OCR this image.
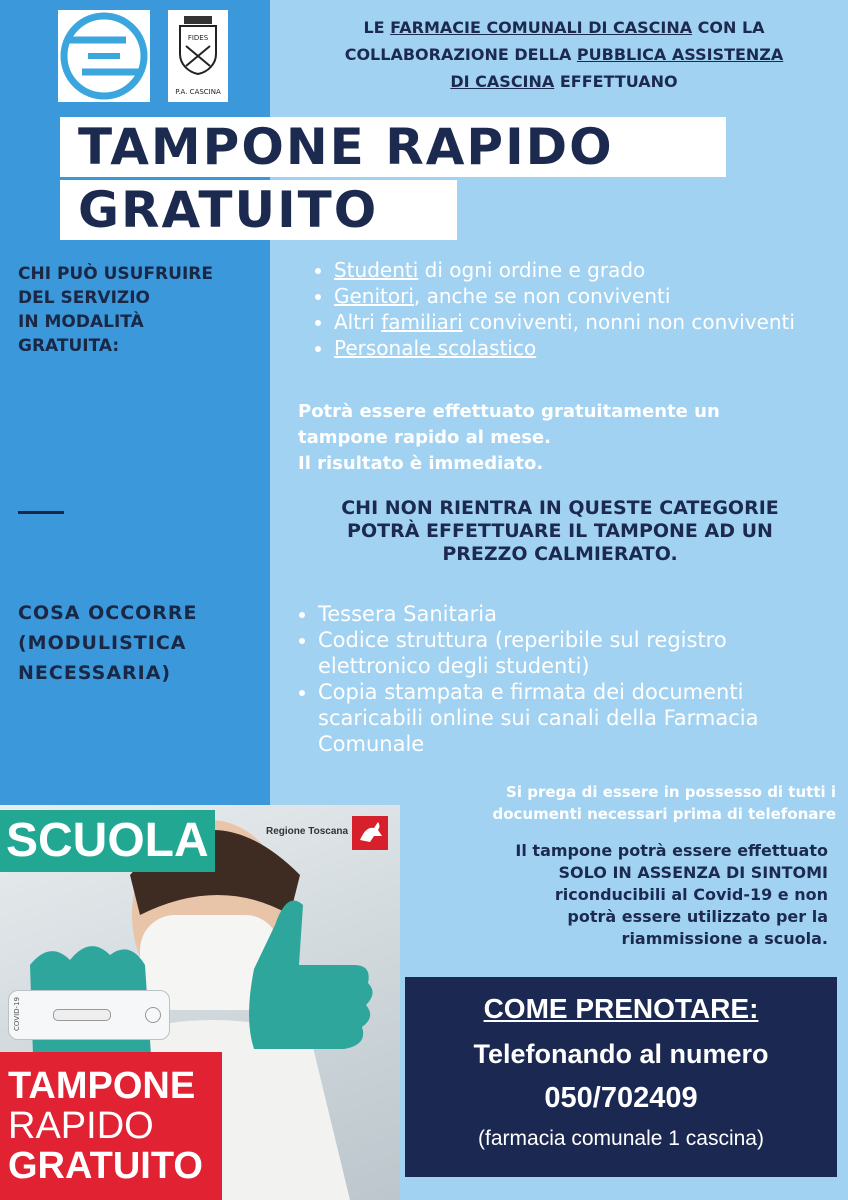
FIDES
P.A. CASCINA
LE FARMACIE COMUNALI DI CASCINA CON LA
COLLABORAZIONE DELLA PUBBLICA ASSISTENZA
DI CASCINA EFFETTUANO
TAMPONE RAPIDO
GRATUITO
CHI PUÒ USUFRUIRE
DEL SERVIZIO
IN MODALITÀ
GRATUITA:
• Studenti di ogni ordine e grado
• Genitori, anche se non conviventi
• Altri familiari conviventi, nonni non conviventi
• Personale scolastico
Potrà essere effettuato gratuitamente un
tampone rapido al mese.
Il risultato è immediato.
CHI NON RIENTRA IN QUESTE CATEGORIE
POTRÀ EFFETTUARE IL TAMPONE AD UN
PREZZO CALMIERATO.
COSA OCCORRE
(MODULISTICA
NECESSARIA)
• Tessera Sanitaria
• Codice struttura (reperibile sul registro elettronico degli studenti)
• Copia stampata e firmata dei documenti scaricabili online sui canali della Farmacia Comunale
Si prega di essere in possesso di tutti i
documenti necessari prima di telefonare
Il tampone potrà essere effettuato
SOLO IN ASSENZA DI SINTOMI
riconducibili al Covid-19 e non
potrà essere utilizzato per la
riammissione a scuola.
COME PRENOTARE:
Telefonando al numero
050/702409
(farmacia comunale 1 cascina)
COVID-19
SCUOLA	Regione Toscana
TAMPONE
RAPIDO
GRATUITO
